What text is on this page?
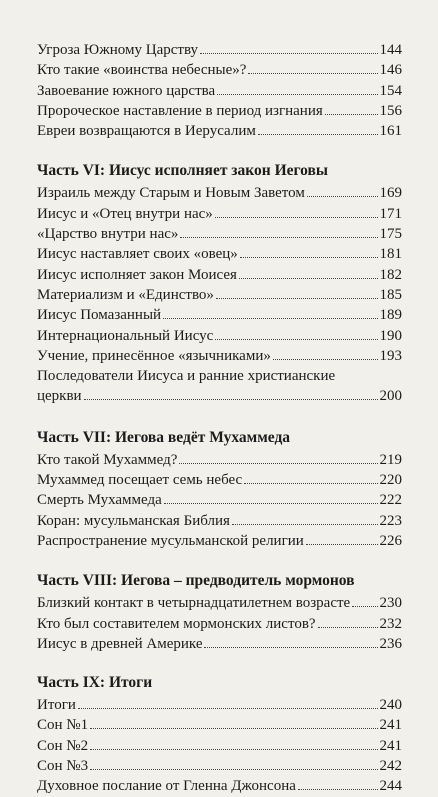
Угроза Южному Царству	144
Кто такие «воинства небесные»?	146
Завоевание южного царства	154
Пророческое наставление в период изгнания	156
Евреи возвращаются в Иерусалим	161
Часть VI: Иисус исполняет закон Иеговы
Израиль между Старым и Новым Заветом	169
Иисус и «Отец внутри нас»	171
«Царство внутри нас»	175
Иисус наставляет своих «овец»	181
Иисус исполняет закон Моисея	182
Материализм и «Единство»	185
Иисус Помазанный	189
Интернациональный Иисус	190
Учение, принесённое «язычниками»	193
Последователи Иисуса и ранние христианские
церкви	200
Часть VII: Иегова ведёт Мухаммеда
Кто такой Мухаммед?	219
Мухаммед посещает семь небес	220
Смерть Мухаммеда	222
Коран: мусульманская Библия	223
Распространение мусульманской религии	226
Часть VIII: Иегова – предводитель мормонов
Близкий контакт в четырнадцатилетнем возрасте 230
Кто был составителем мормонских листов?	232
Иисус в древней Америке	236
Часть IX: Итоги
Итоги	240
Сон №1	241
Сон №2	241
Сон №3	242
Духовное послание от Гленна Джонсона	244
